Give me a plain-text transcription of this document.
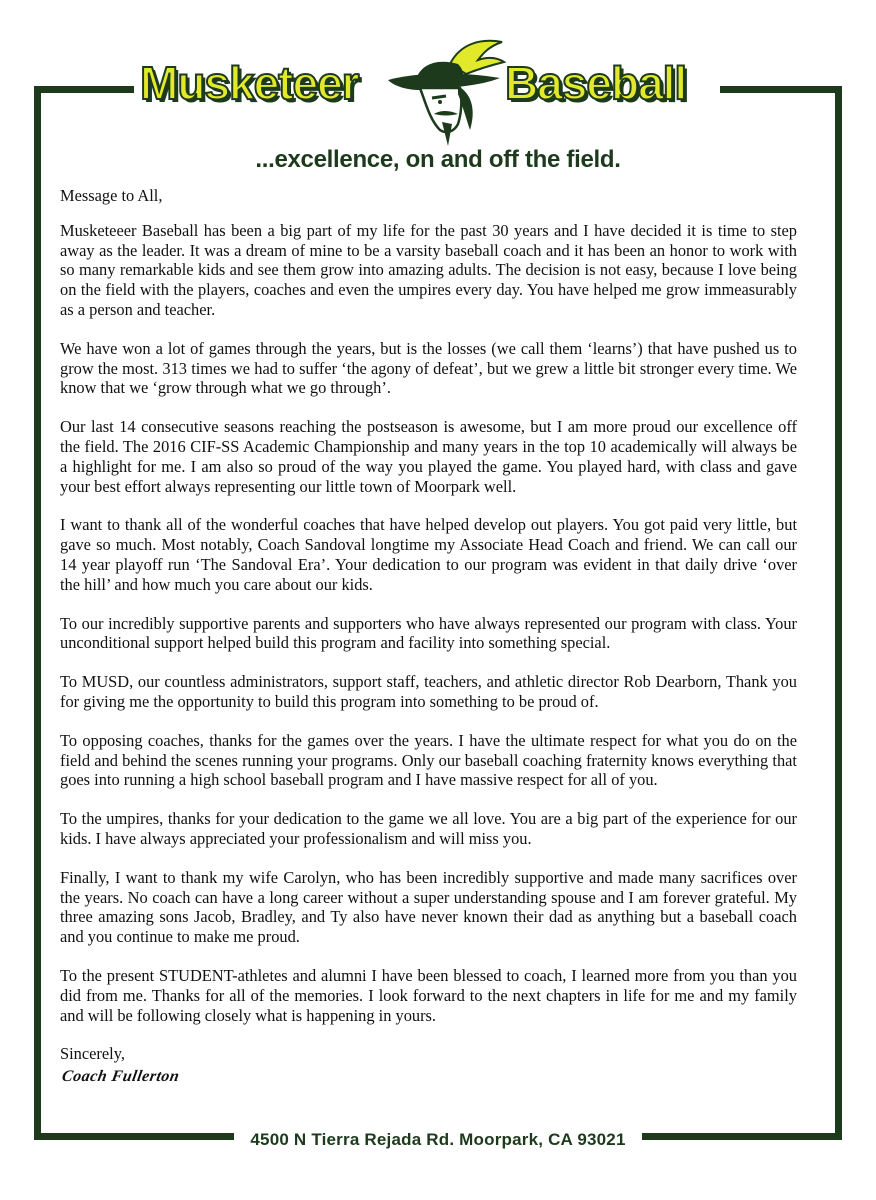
Musketeer	Baseball
...excellence, on and off the field.

Message to All,

Musketeeer Baseball has been a big part of my life for the past 30 years and I have decided it is time to step away as the leader. It was a dream of mine to be a varsity baseball coach and it has been an honor to work with so many remarkable kids and see them grow into amazing adults. The decision is not easy, because I love being on the field with the players, coaches and even the umpires every day. You have helped me grow immeasurably as a person and teacher.

We have won a lot of games through the years, but is the losses (we call them ‘learns’) that have pushed us to grow the most. 313 times we had to suffer ‘the agony of defeat’, but we grew a little bit stronger every time. We know that we ‘grow through what we go through’.

Our last 14 consecutive seasons reaching the postseason is awesome, but I am more proud our excellence off the field. The 2016 CIF-SS Academic Championship and many years in the top 10 academically will always be a highlight for me. I am also so proud of the way you played the game. You played hard, with class and gave your best effort always representing our little town of Moorpark well.

I want to thank all of the wonderful coaches that have helped develop out players. You got paid very little, but gave so much. Most notably, Coach Sandoval longtime my Associate Head Coach and friend. We can call our 14 year playoff run ‘The Sandoval Era’. Your dedication to our program was evident in that daily drive ‘over the hill’ and how much you care about our kids.

To our incredibly supportive parents and supporters who have always represented our program with class. Your unconditional support helped build this program and facility into something special.

To MUSD, our countless administrators, support staff, teachers, and athletic director Rob Dearborn, Thank you for giving me the opportunity to build this program into something to be proud of.

To opposing coaches, thanks for the games over the years. I have the ultimate respect for what you do on the field and behind the scenes running your programs. Only our baseball coaching fraternity knows everything that goes into running a high school baseball program and I have massive respect for all of you.

To the umpires, thanks for your dedication to the game we all love. You are a big part of the experience for our kids. I have always appreciated your professionalism and will miss you.

Finally, I want to thank my wife Carolyn, who has been incredibly supportive and made many sacrifices over the years. No coach can have a long career without a super understanding spouse and I am forever grateful. My three amazing sons Jacob, Bradley, and Ty also have never known their dad as anything but a baseball coach and you continue to make me proud.

To the present STUDENT-athletes and alumni I have been blessed to coach, I learned more from you than you did from me. Thanks for all of the memories. I look forward to the next chapters in life for me and my family and will be following closely what is happening in yours.

Sincerely,

Coach Fullerton
4500 N Tierra Rejada Rd. Moorpark, CA 93021
